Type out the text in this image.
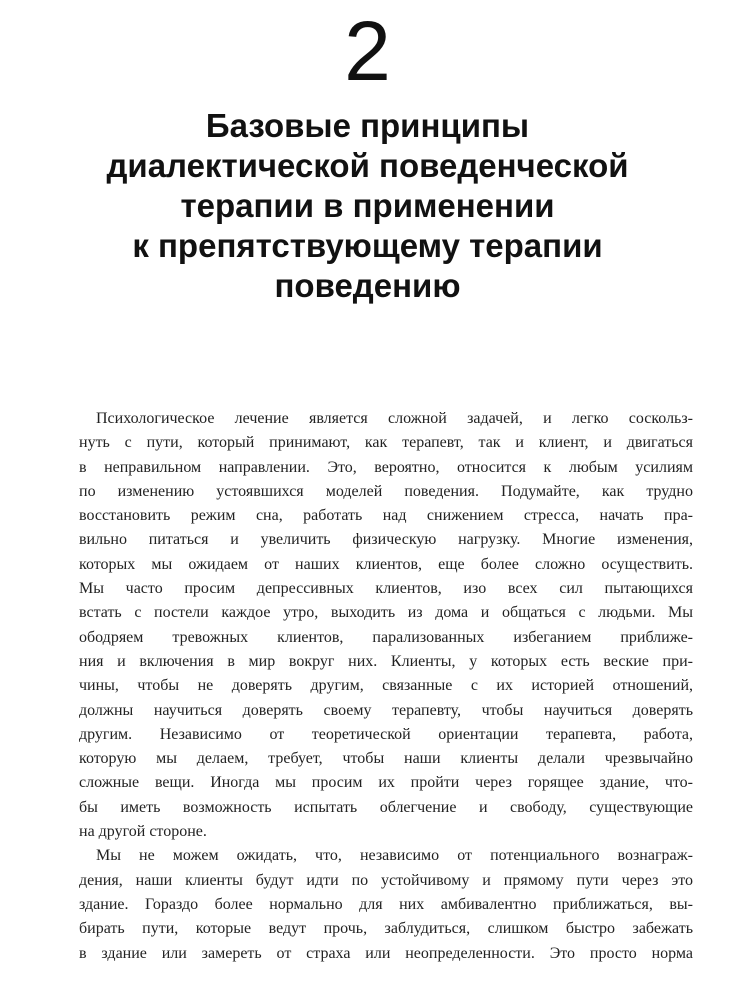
2
Базовые принципы
диалектической поведенческой
терапии в применении
к препятствующему терапии
поведению
Психологическое лечение является сложной задачей, и легко соскольз-
нуть с пути, который принимают, как терапевт, так и клиент, и двигаться
в неправильном направлении. Это, вероятно, относится к любым усилиям
по изменению устоявшихся моделей поведения. Подумайте, как трудно
восстановить режим сна, работать над снижением стресса, начать пра-
вильно питаться и увеличить физическую нагрузку. Многие изменения,
которых мы ожидаем от наших клиентов, еще более сложно осуществить.
Мы часто просим депрессивных клиентов, изо всех сил пытающихся
встать с постели каждое утро, выходить из дома и общаться с людьми. Мы
ободряем тревожных клиентов, парализованных избеганием приближе-
ния и включения в мир вокруг них. Клиенты, у которых есть веские при-
чины, чтобы не доверять другим, связанные с их историей отношений,
должны научиться доверять своему терапевту, чтобы научиться доверять
другим. Независимо от теоретической ориентации терапевта, работа,
которую мы делаем, требует, чтобы наши клиенты делали чрезвычайно
сложные вещи. Иногда мы просим их пройти через горящее здание, что-
бы иметь возможность испытать облегчение и свободу, существующие
на другой стороне.
Мы не можем ожидать, что, независимо от потенциального вознаграж-
дения, наши клиенты будут идти по устойчивому и прямому пути через это
здание. Гораздо более нормально для них амбивалентно приближаться, вы-
бирать пути, которые ведут прочь, заблудиться, слишком быстро забежать
в здание или замереть от страха или неопределенности. Это просто норма
